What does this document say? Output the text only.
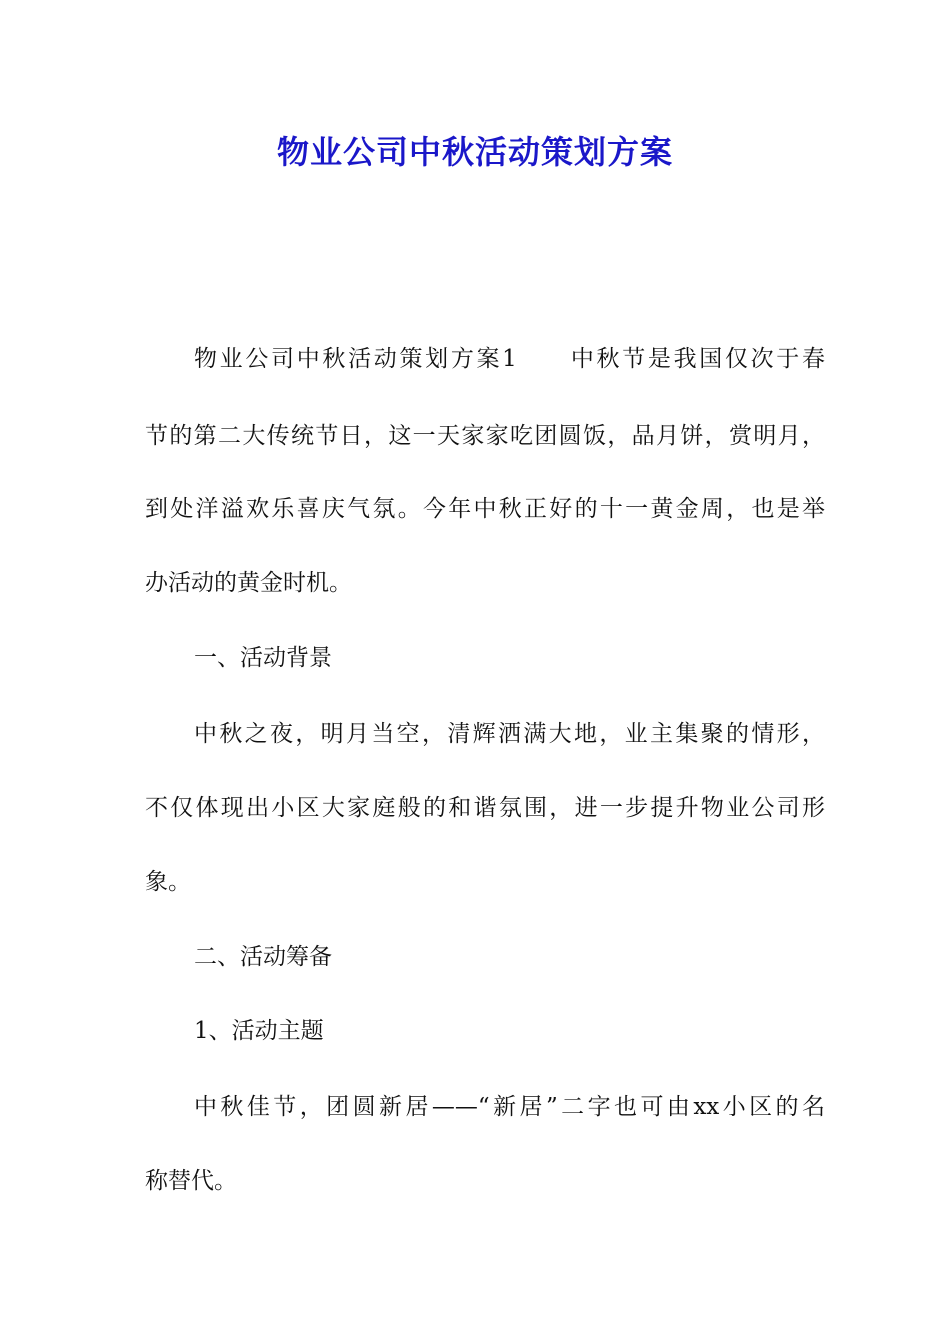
物业公司中秋活动策划方案

物业公司中秋活动策划方案1　　中秋节是我国仅次于春

节的第二大传统节日，这一天家家吃团圆饭，品月饼，赏明月，

到处洋溢欢乐喜庆气氛。今年中秋正好的十一黄金周，也是举

办活动的黄金时机。

一、活动背景

中秋之夜，明月当空，清辉洒满大地，业主集聚的情形，

不仅体现出小区大家庭般的和谐氛围，进一步提升物业公司形

象。

二、活动筹备

1、活动主题

中秋佳节，团圆新居——“新居”二字也可由xx小区的名

称替代。
